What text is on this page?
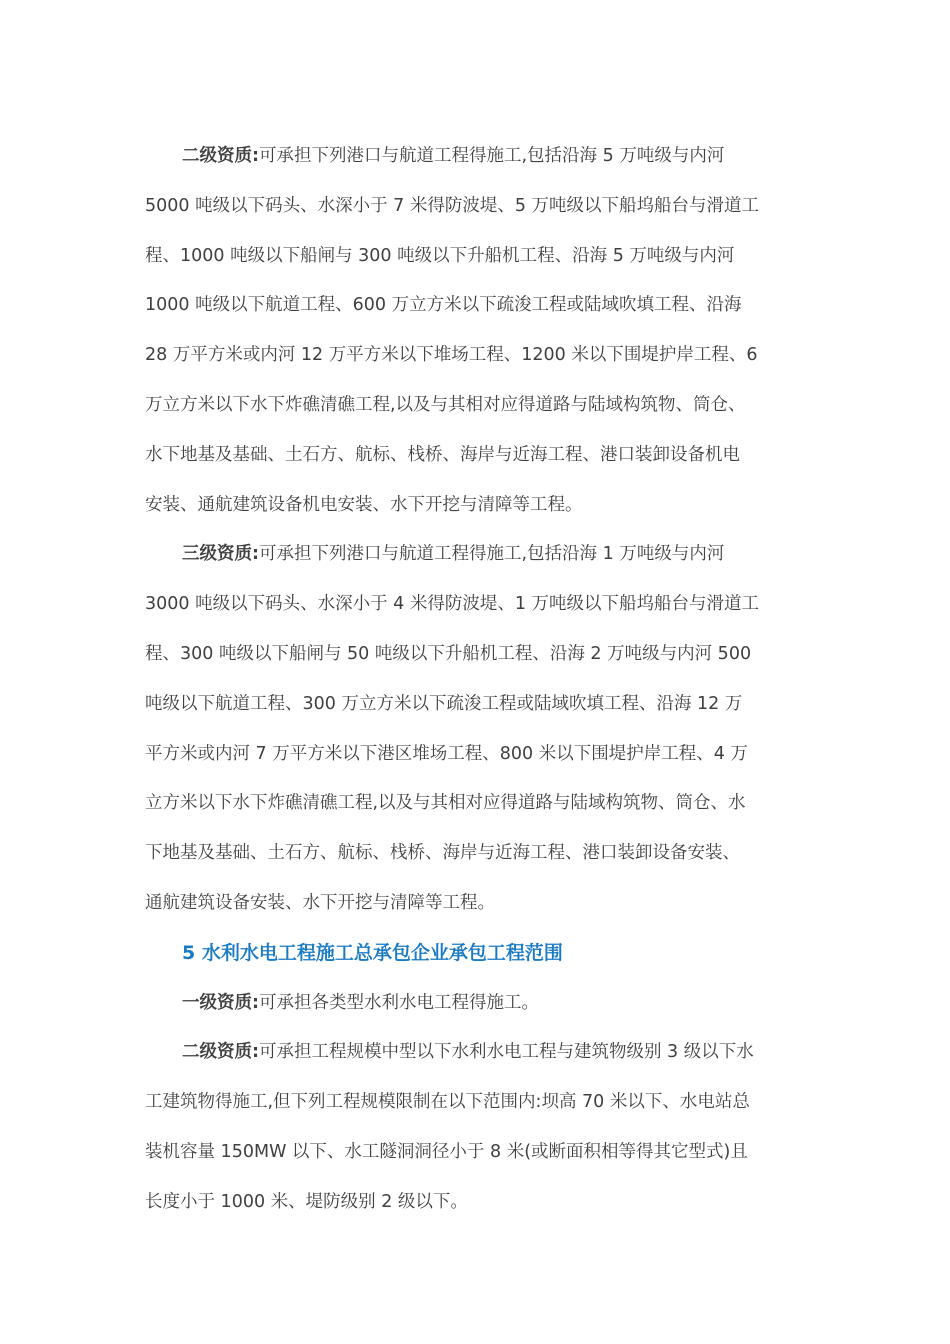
二级资质:可承担下列港口与航道工程得施工,包括沿海 5 万吨级与内河
5000 吨级以下码头、水深小于 7 米得防波堤、5 万吨级以下船坞船台与滑道工
程、1000 吨级以下船闸与 300 吨级以下升船机工程、沿海 5 万吨级与内河
1000 吨级以下航道工程、600 万立方米以下疏浚工程或陆域吹填工程、沿海
28 万平方米或内河 12 万平方米以下堆场工程、1200 米以下围堤护岸工程、6
万立方米以下水下炸礁清礁工程,以及与其相对应得道路与陆域构筑物、筒仓、
水下地基及基础、土石方、航标、栈桥、海岸与近海工程、港口装卸设备机电
安装、通航建筑设备机电安装、水下开挖与清障等工程。

三级资质:可承担下列港口与航道工程得施工,包括沿海 1 万吨级与内河
3000 吨级以下码头、水深小于 4 米得防波堤、1 万吨级以下船坞船台与滑道工
程、300 吨级以下船闸与 50 吨级以下升船机工程、沿海 2 万吨级与内河 500
吨级以下航道工程、300 万立方米以下疏浚工程或陆域吹填工程、沿海 12 万
平方米或内河 7 万平方米以下港区堆场工程、800 米以下围堤护岸工程、4 万
立方米以下水下炸礁清礁工程,以及与其相对应得道路与陆域构筑物、筒仓、水
下地基及基础、土石方、航标、栈桥、海岸与近海工程、港口装卸设备安装、
通航建筑设备安装、水下开挖与清障等工程。

5 水利水电工程施工总承包企业承包工程范围

一级资质:可承担各类型水利水电工程得施工。

二级资质:可承担工程规模中型以下水利水电工程与建筑物级别 3 级以下水
工建筑物得施工,但下列工程规模限制在以下范围内:坝高 70 米以下、水电站总
装机容量 150MW 以下、水工隧洞洞径小于 8 米(或断面积相等得其它型式)且
长度小于 1000 米、堤防级别 2 级以下。
